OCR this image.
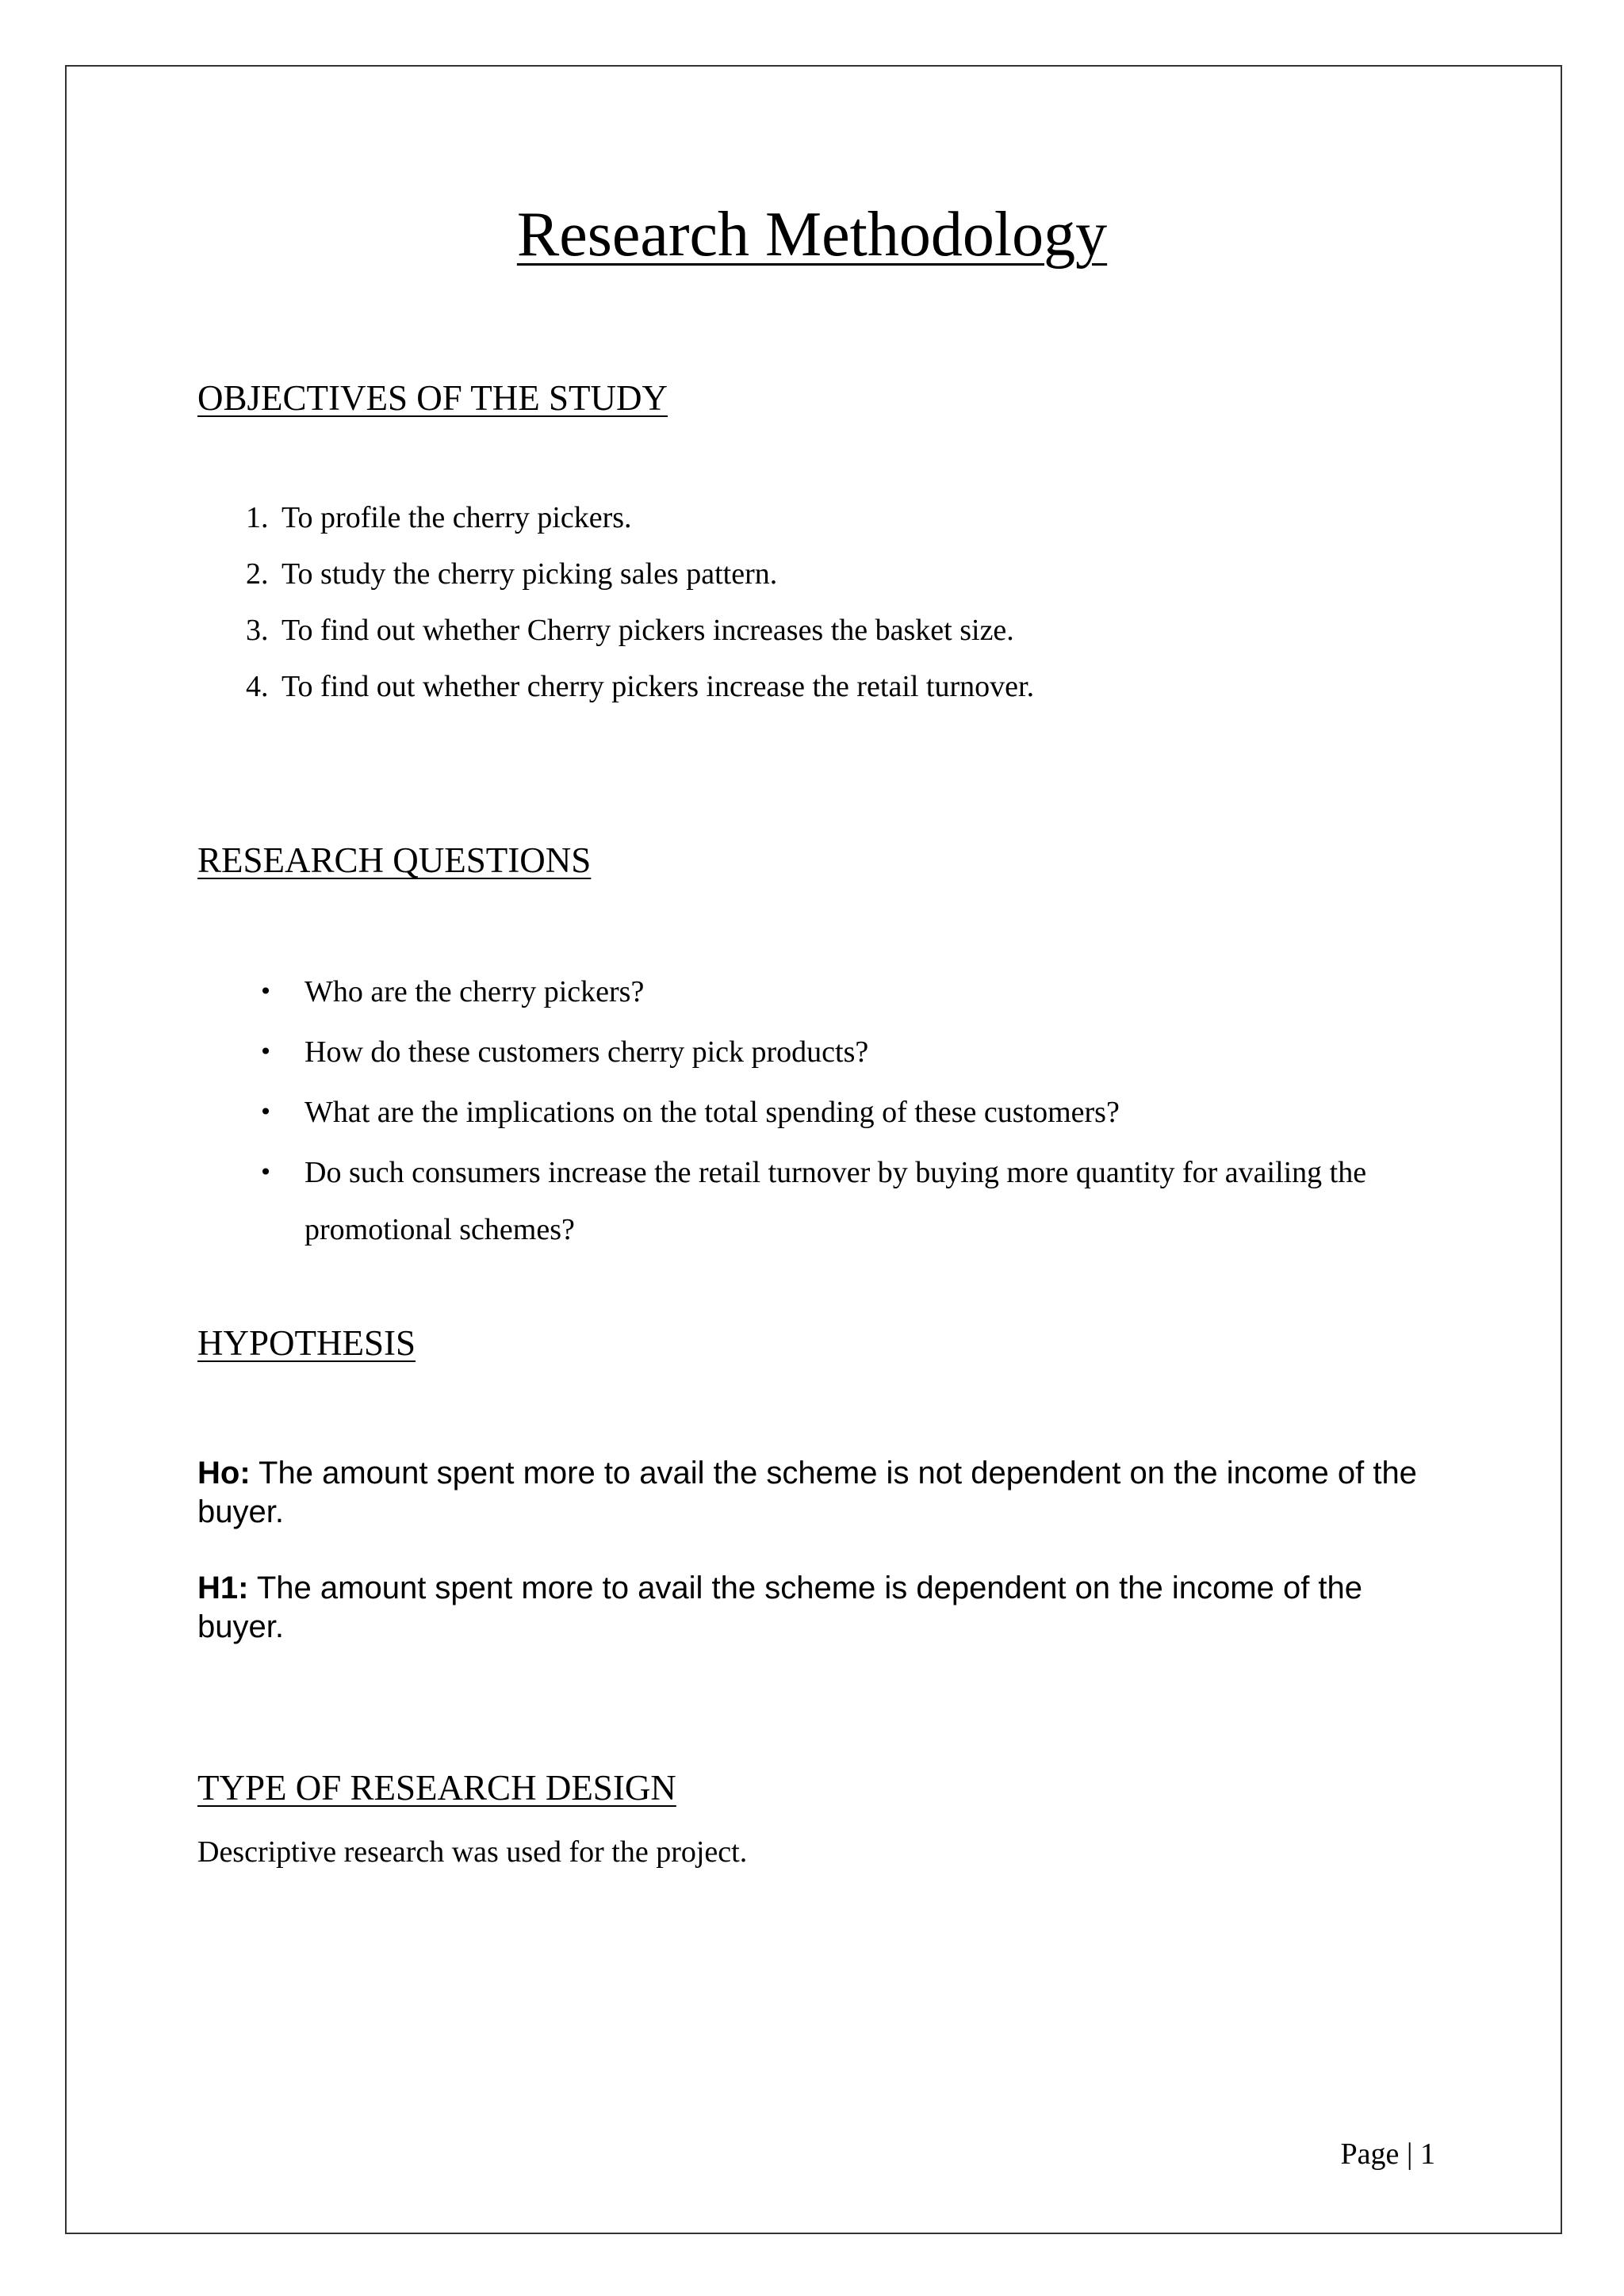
Research Methodology
OBJECTIVES OF THE STUDY
1. To profile the cherry pickers.
2. To study the cherry picking sales pattern.
3. To find out whether Cherry pickers increases the basket size.
4. To find out whether cherry pickers increase the retail turnover.
RESEARCH QUESTIONS
• Who are the cherry pickers?
• How do these customers cherry pick products?
• What are the implications on the total spending of these customers?
• Do such consumers increase the retail turnover by buying more quantity for availing the promotional schemes?
HYPOTHESIS
Ho: The amount spent more to avail the scheme is not dependent on the income of the buyer.
H1: The amount spent more to avail the scheme is dependent on the income of the buyer.
TYPE OF RESEARCH DESIGN
Descriptive research was used for the project.
Page | 1
